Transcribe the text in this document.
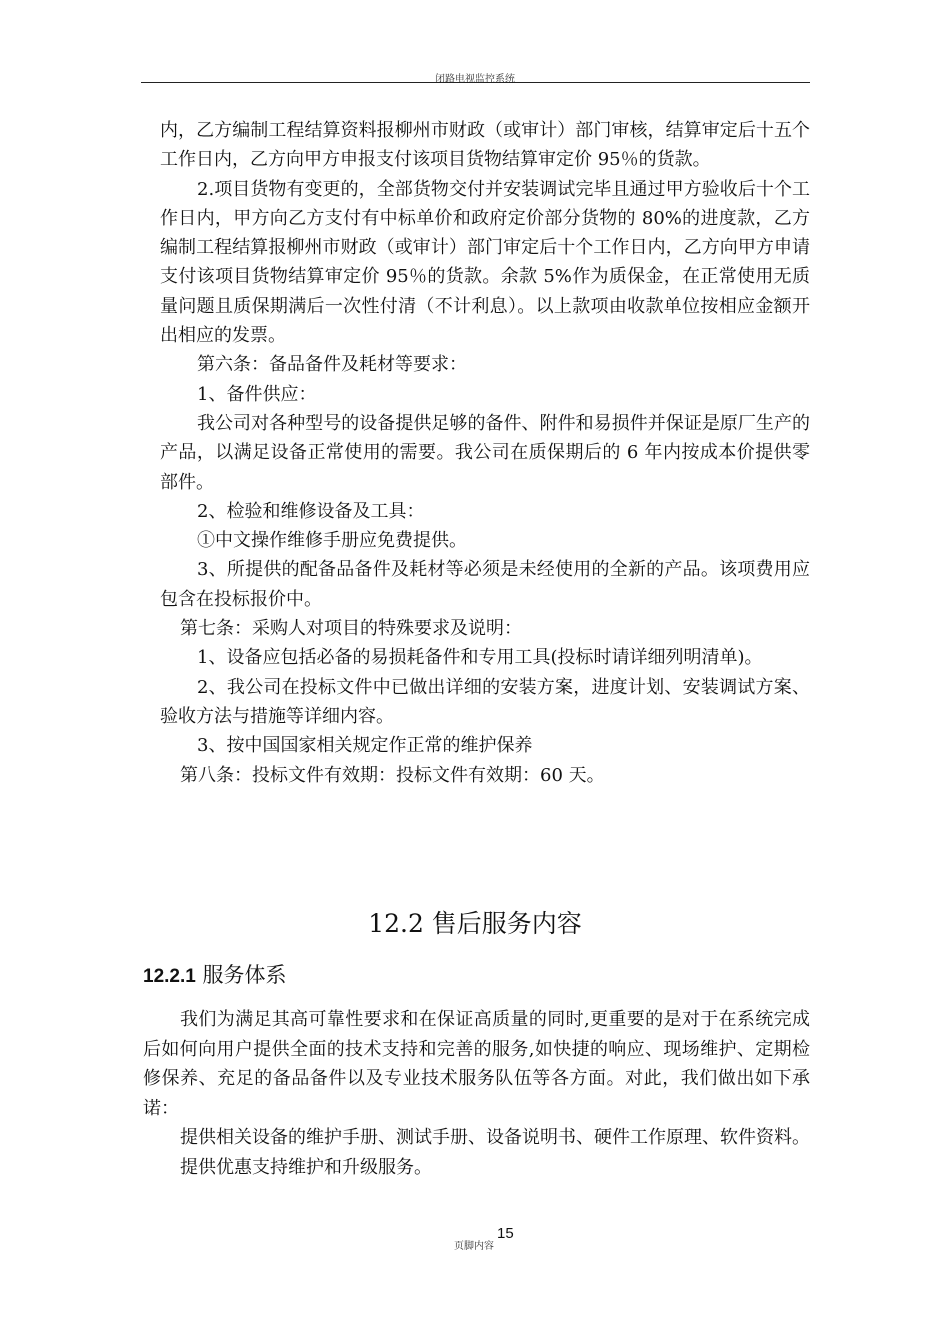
闭路电视监控系统

内，乙方编制工程结算资料报柳州市财政（或审计）部门审核，结算审定后十五个工作日内，乙方向甲方申报支付该项目货物结算审定价 95％的货款。

2.项目货物有变更的，全部货物交付并安装调试完毕且通过甲方验收后十个工作日内，甲方向乙方支付有中标单价和政府定价部分货物的 80%的进度款，乙方编制工程结算报柳州市财政（或审计）部门审定后十个工作日内，乙方向甲方申请支付该项目货物结算审定价 95％的货款。余款 5%作为质保金，在正常使用无质量问题且质保期满后一次性付清（不计利息）。以上款项由收款单位按相应金额开出相应的发票。

第六条：备品备件及耗材等要求：

1、备件供应：

我公司对各种型号的设备提供足够的备件、附件和易损件并保证是原厂生产的产品，以满足设备正常使用的需要。我公司在质保期后的 6 年内按成本价提供零部件。

2、检验和维修设备及工具：

①中文操作维修手册应免费提供。

3、所提供的配备品备件及耗材等必须是未经使用的全新的产品。该项费用应包含在投标报价中。

第七条：采购人对项目的特殊要求及说明：

1、设备应包括必备的易损耗备件和专用工具(投标时请详细列明清单)。

2、我公司在投标文件中已做出详细的安装方案，进度计划、安装调试方案、验收方法与措施等详细内容。

3、按中国国家相关规定作正常的维护保养

第八条：投标文件有效期：投标文件有效期：60 天。

12.2 售后服务内容
12.2.1 服务体系

我们为满足其高可靠性要求和在保证高质量的同时,更重要的是对于在系统完成后如何向用户提供全面的技术支持和完善的服务,如快捷的响应、现场维护、定期检修保养、充足的备品备件以及专业技术服务队伍等各方面。对此，我们做出如下承诺：

提供相关设备的维护手册、测试手册、设备说明书、硬件工作原理、软件资料。

提供优惠支持维护和升级服务。

页脚内容
15
